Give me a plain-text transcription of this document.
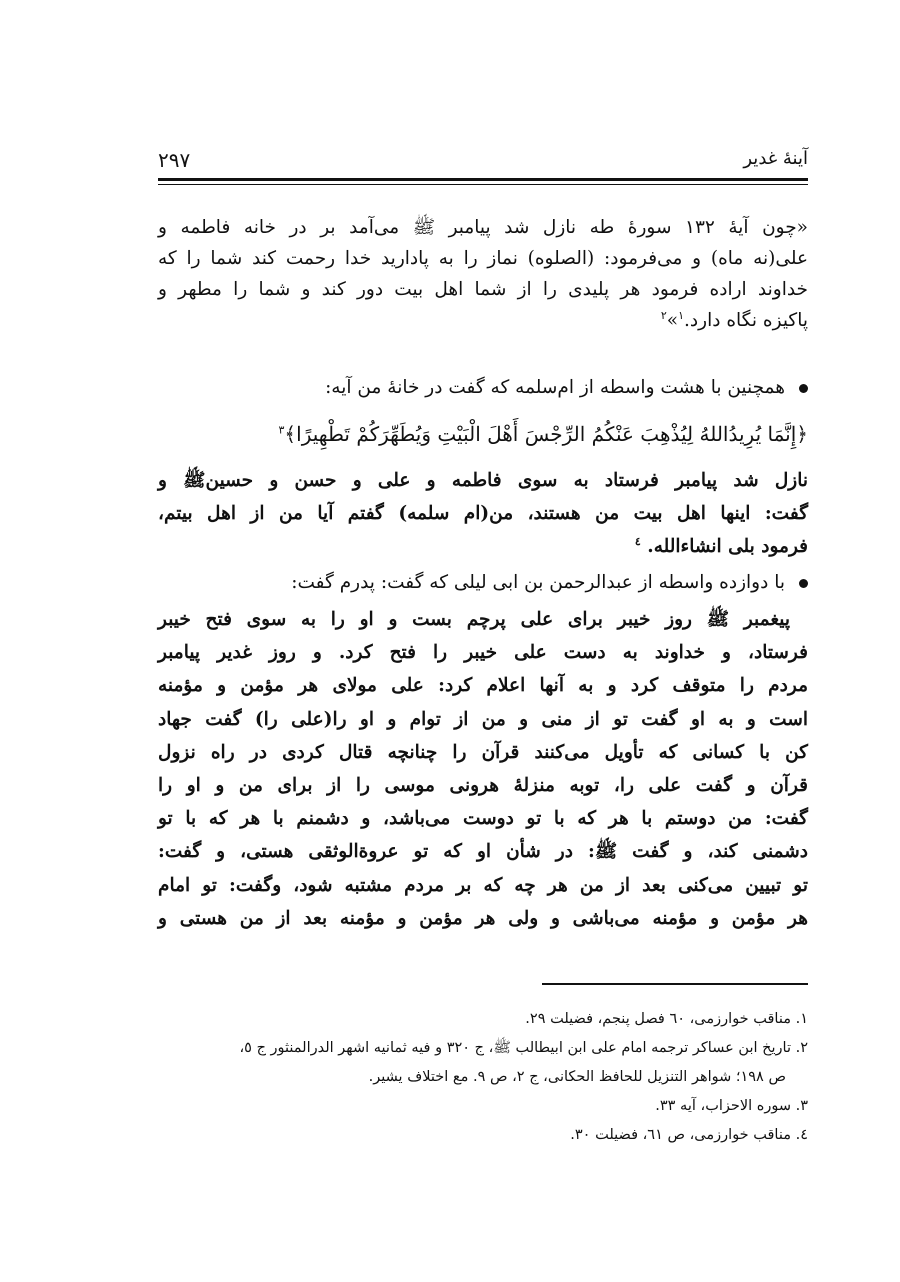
آینهٔ غدیر
۲۹۷
«چون آیهٔ ۱۳۲ سورهٔ طه نازل شد پیامبر ﷺ می‌آمد بر در خانه فاطمه و
علی(نه ماه) و می‌فرمود: (الصلوه) نماز را به پادارید خدا رحمت کند شما را که
خداوند اراده فرمود هر پلیدی را از شما اهل بیت دور کند و شما را مطهر و
پاکیزه نگاه دارد.$^۱$»$^۲$
همچنین با هشت واسطه از ام‌سلمه که گفت در خانهٔ من آیه:
﴿إِنَّمَا يُرِيدُاللهُ لِيُذْهِبَ عَنْكُمُ الرِّجْسَ أَهْلَ الْبَيْتِ وَيُطَهِّرَكُمْ تَطْهِيرًا﴾$^۳$
نازل شد پیامبر فرستاد به سوی فاطمه و علی و حسن و حسین‌ﷺ و
گفت: اینها اهل بیت من هستند، من(ام سلمه) گفتم آیا من از اهل بیتم،
فرمود بلی انشاءالله. $^٤$
با دوازده واسطه از عبدالرحمن بن ابی لیلی که گفت: پدرم گفت:
پیغمبر ﷺ روز خیبر برای علی پرچم بست و او را به سوی فتح خیبر
فرستاد، و خداوند به دست علی خیبر را فتح کرد. و روز غدیر پیامبر
مردم را متوقف کرد و به آنها اعلام کرد: علی مولای هر مؤمن و مؤمنه
است و به او گفت تو از منی و من از توام و او را(علی را) گفت جهاد
کن با کسانی که تأویل می‌کنند قرآن را چنانچه قتال کردی در راه نزول
قرآن و گفت علی را، توبه منزلهٔ هرونی موسی را از برای من و او را
گفت: من دوستم با هر که با تو دوست می‌باشد، و دشمنم با هر که با تو
دشمنی کند، و گفت ﷺ: در شأن او که تو عروةالوثقی هستی، و گفت:
تو تبیین می‌کنی بعد از من هر چه که بر مردم مشتبه شود، وگفت: تو امام
هر مؤمن و مؤمنه می‌باشی و ولی هر مؤمن و مؤمنه بعد از من هستی و
۱. مناقب خوارزمی، ٦٠ فصل پنجم، فضیلت ٢٩.
۲. تاریخ ابن عساکر ترجمه امام علی ابن ابیطالب ﷺ، ج ۳۲۰ و فیه ثمانیه اشهر الدرالمنثور ج ٥،
ص ۱۹۸؛ شواهر التنزیل للحافظ الحکانی، ج ۲، ص ۹. مع اختلاف یشیر.
۳. سوره الاحزاب، آیه ۳۳.
٤. مناقب خوارزمی، ص ٦١، فضیلت ۳۰.
